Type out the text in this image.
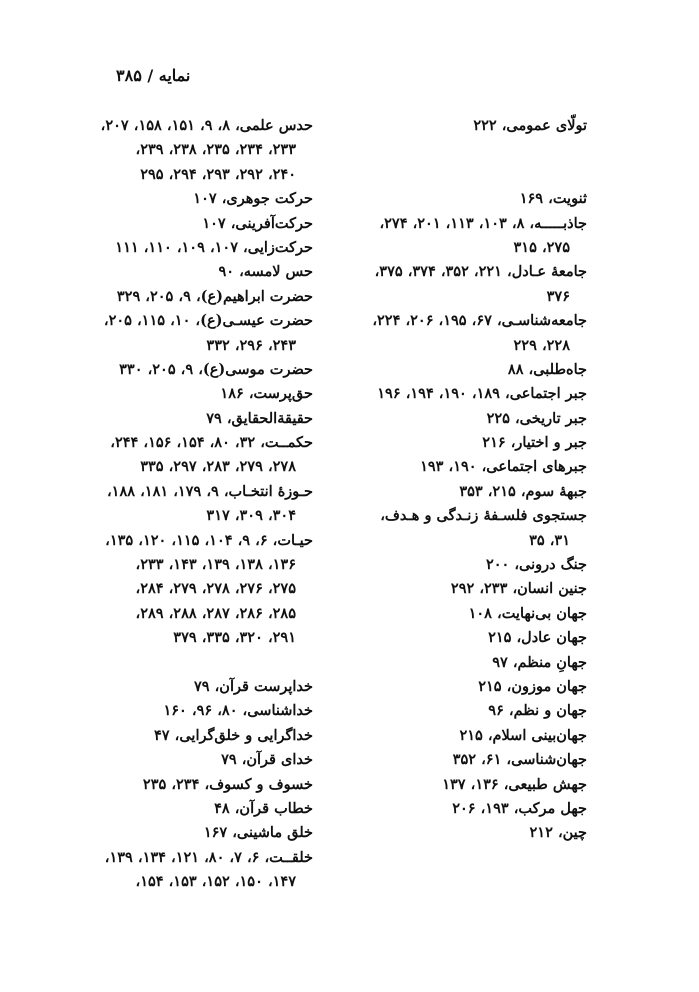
نمایه / ۳۸۵
تولّای عمومی، ۲۲۲
ثنویت، ۱۶۹
جاذبـــــه، ۸، ۱۰۳، ۱۱۳، ۲۰۱، ۲۷۴،
۲۷۵، ۳۱۵
جامعۀ عـادل، ۲۲۱، ۳۵۲، ۳۷۴، ۳۷۵،
۳۷۶
جامعه‌شناسـی، ۶۷، ۱۹۵، ۲۰۶، ۲۲۴،
۲۲۸، ۲۲۹
جاه‌طلبی، ۸۸
جبر اجتماعی، ۱۸۹، ۱۹۰، ۱۹۴، ۱۹۶
جبر تاریخی، ۲۲۵
جبر و اختیار، ۲۱۶
جبرهای اجتماعی، ۱۹۰، ۱۹۳
جبهۀ سوم، ۲۱۵، ۳۵۳
جستجوی فلسـفۀ زنـدگی و هـدف،
۳۱، ۳۵
جنگ درونی، ۲۰۰
جنین انسان، ۲۳۳، ۲۹۲
جهان بی‌نهایت، ۱۰۸
جهان عادل، ۲۱۵
جهانِ منظم، ۹۷
جهان موزون، ۲۱۵
جهان و نظم، ۹۶
جهان‌بینی اسلام، ۲۱۵
جهان‌شناسی، ۶۱، ۳۵۲
جهش طبیعی، ۱۳۶، ۱۳۷
جهل مرکب، ۱۹۳، ۲۰۶
چین، ۲۱۲
حدس علمی، ۸، ۹، ۱۵۱، ۱۵۸، ۲۰۷،
۲۳۳، ۲۳۴، ۲۳۵، ۲۳۸، ۲۳۹،
۲۴۰، ۲۹۲، ۲۹۳، ۲۹۴، ۲۹۵
حرکت جوهری، ۱۰۷
حرکت‌آفرینی، ۱۰۷
حرکت‌زایی، ۱۰۷، ۱۰۹، ۱۱۰، ۱۱۱
حس لامسه، ۹۰
حضرت ابراهیم(ع)، ۹، ۲۰۵، ۳۲۹
حضرت عیسـی(ع)، ۱۰، ۱۱۵، ۲۰۵،
۲۴۳، ۲۹۶، ۳۳۲
حضرت موسی(ع)، ۹، ۲۰۵، ۳۳۰
حق‌پرست، ۱۸۶
حقیقةالحقایق، ۷۹
حکمــت، ۳۲، ۸۰، ۱۵۴، ۱۵۶، ۲۴۴،
۲۷۸، ۲۷۹، ۲۸۳، ۲۹۷، ۳۳۵
حـوزۀ انتخـاب، ۹، ۱۷۹، ۱۸۱، ۱۸۸،
۳۰۴، ۳۰۹، ۳۱۷
حیـات، ۶، ۹، ۱۰۴، ۱۱۵، ۱۲۰، ۱۳۵،
۱۳۶، ۱۳۸، ۱۳۹، ۱۴۳، ۲۳۳،
۲۷۵، ۲۷۶، ۲۷۸، ۲۷۹، ۲۸۴،
۲۸۵، ۲۸۶، ۲۸۷، ۲۸۸، ۲۸۹،
۲۹۱، ۳۲۰، ۳۳۵، ۳۷۹
خداپرست قرآن، ۷۹
خداشناسی، ۸۰، ۹۶، ۱۶۰
خداگرایی و خلق‌گرایی، ۴۷
خدای قرآن، ۷۹
خسوف و کسوف، ۲۳۴، ۲۳۵
خطاب قرآن، ۴۸
خلق ماشینی، ۱۶۷
خلقــت، ۶، ۷، ۸۰، ۱۲۱، ۱۳۴، ۱۳۹،
۱۴۷، ۱۵۰، ۱۵۲، ۱۵۳، ۱۵۴،
